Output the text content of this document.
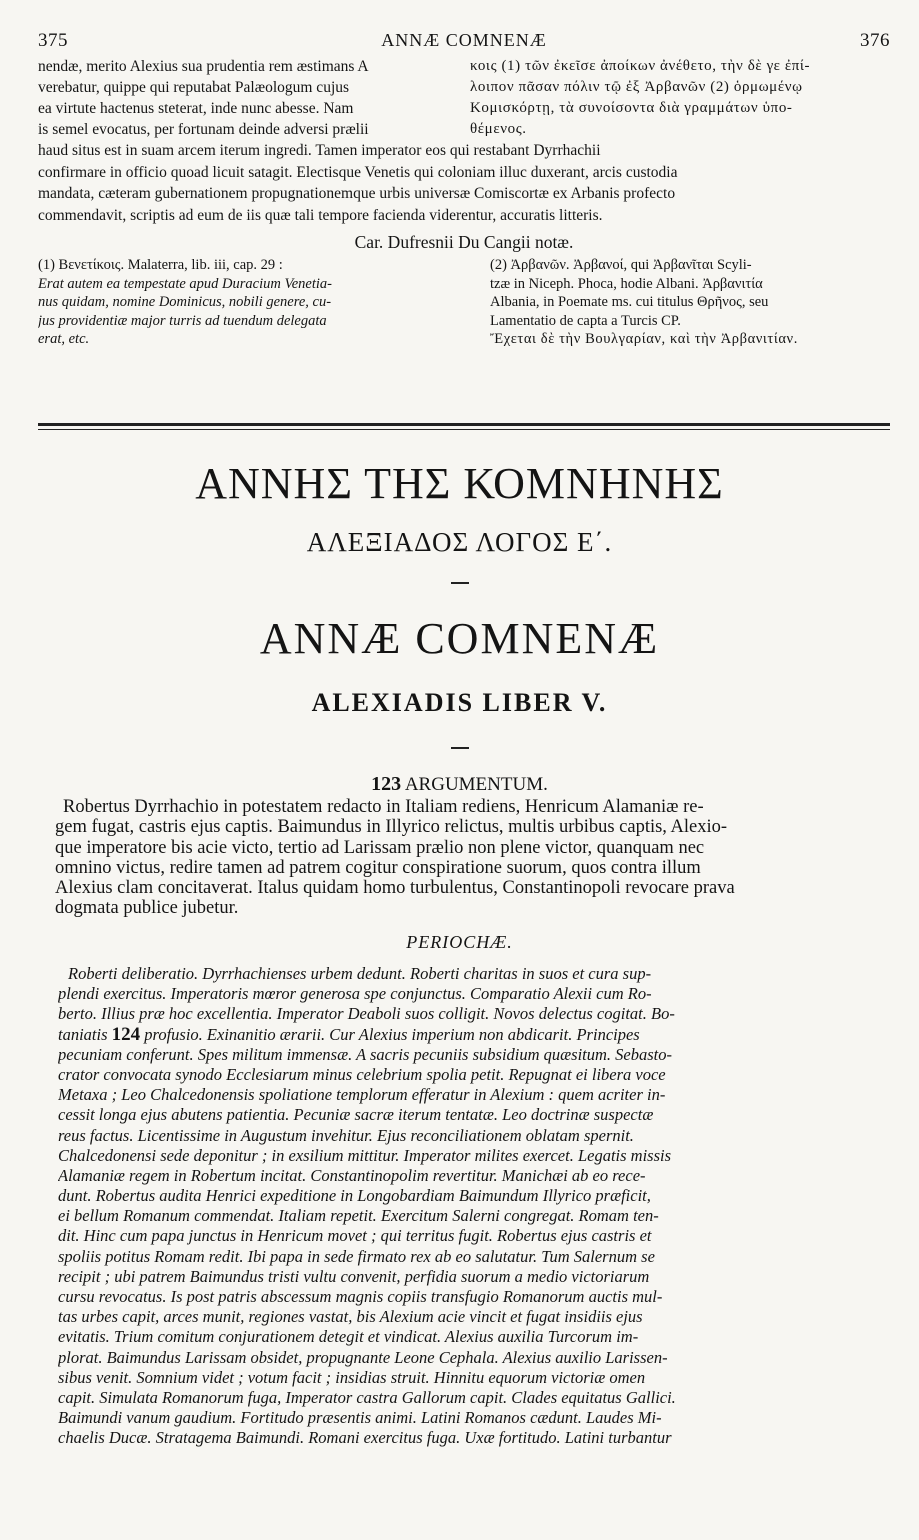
375	ANNÆ COMNENÆ	376
nendæ, merito Alexius sua prudentia rem æstimans A
verebatur, quippe qui reputabat Palæologum cujus
ea virtute hactenus steterat, inde nunc abesse. Nam
is semel evocatus, per fortunam deinde adversi prælii
κοις (1) τῶν ἐκεῖσε ἀποίκων ἀνέθετο, τὴν δὲ γε ἐπί-
λοιπον πᾶσαν πόλιν τῷ ἐξ Ἀρβανῶν (2) ὁρμωμένῳ
Κομισκόρτῃ, τὰ συνοίσοντα διὰ γραμμάτων ὑπο-
θέμενος.
haud situs est in suam arcem iterum ingredi. Tamen imperator eos qui restabant Dyrrhachii
confirmare in officio quoad licuit satagit. Electisque Venetis qui coloniam illuc duxerant, arcis custodia
mandata, cæteram gubernationem propugnationemque urbis universæ Comiscortæ ex Arbanis profecto
commendavit, scriptis ad eum de iis quæ tali tempore facienda viderentur, accuratis litteris.
Car. Dufresnii Du Cangii notæ.
(1) Βενετίκοις. Malaterra, lib. iii, cap. 29 :
Erat autem ea tempestate apud Duracium Venetia-
nus quidam, nomine Dominicus, nobili genere, cu-
jus providentiæ major turris ad tuendum delegata
erat, etc.
(2) Ἀρβανῶν. Ἀρβανοί, qui Ἀρβανῖται Scyli-
tzæ in Niceph. Phoca, hodie Albani. Ἀρβανιτία
Albania, in Poemate ms. cui titulus Θρῆνος, seu
Lamentatio de capta a Turcis CP.
Ἔχεται δὲ τὴν Βουλγαρίαν, καὶ τὴν Ἀρβανιτίαν.
ΑΝΝΗΣ ΤΗΣ ΚΟΜΝΗΝΗΣ
ΑΛΕΞΙΑΔΟΣ ΛΟΓΟΣ Ε΄.
ANNÆ COMNENÆ
ALEXIADIS LIBER V.
123 ARGUMENTUM.
Robertus Dyrrhachio in potestatem redacto in Italiam rediens, Henricum Alamaniæ re-
gem fugat, castris ejus captis. Baimundus in Illyrico relictus, multis urbibus captis, Alexio-
que imperatore bis acie victo, tertio ad Larissam prælio non plene victor, quanquam nec
omnino victus, redire tamen ad patrem cogitur conspiratione suorum, quos contra illum
Alexius clam concitaverat. Italus quidam homo turbulentus, Constantinopoli revocare prava
dogmata publice jubetur.
PERIOCHÆ.
Roberti deliberatio. Dyrrhachienses urbem dedunt. Roberti charitas in suos et cura sup-
plendi exercitus. Imperatoris mœror generosa spe conjunctus. Comparatio Alexii cum Ro-
berto. Illius præ hoc excellentia. Imperator Deaboli suos colligit. Novos delectus cogitat. Bo-
taniatis 124 profusio. Exinanitio ærarii. Cur Alexius imperium non abdicarit. Principes
pecuniam conferunt. Spes militum immensæ. A sacris pecuniis subsidium quæsitum. Sebasto-
crator convocata synodo Ecclesiarum minus celebrium spolia petit. Repugnat ei libera voce
Metaxa ; Leo Chalcedonensis spoliatione templorum efferatur in Alexium : quem acriter in-
cessit longa ejus abutens patientia. Pecuniæ sacræ iterum tentatæ. Leo doctrinæ suspectæ
reus factus. Licentissime in Augustum invehitur. Ejus reconciliationem oblatam spernit.
Chalcedonensi sede deponitur ; in exsilium mittitur. Imperator milites exercet. Legatis missis
Alamaniæ regem in Robertum incitat. Constantinopolim revertitur. Manichæi ab eo rece-
dunt. Robertus audita Henrici expeditione in Longobardiam Baimundum Illyrico præficit,
ei bellum Romanum commendat. Italiam repetit. Exercitum Salerni congregat. Romam ten-
dit. Hinc cum papa junctus in Henricum movet ; qui territus fugit. Robertus ejus castris et
spoliis potitus Romam redit. Ibi papa in sede firmato rex ab eo salutatur. Tum Salernum se
recipit ; ubi patrem Baimundus tristi vultu convenit, perfidia suorum a medio victoriarum
cursu revocatus. Is post patris abscessum magnis copiis transfugio Romanorum auctis mul-
tas urbes capit, arces munit, regiones vastat, bis Alexium acie vincit et fugat insidiis ejus
evitatis. Trium comitum conjurationem detegit et vindicat. Alexius auxilia Turcorum im-
plorat. Baimundus Larissam obsidet, propugnante Leone Cephala. Alexius auxilio Larissen-
sibus venit. Somnium videt ; votum facit ; insidias struit. Hinnitu equorum victoriæ omen
capit. Simulata Romanorum fuga, Imperator castra Gallorum capit. Clades equitatus Gallici.
Baimundi vanum gaudium. Fortitudo præsentis animi. Latini Romanos cædunt. Laudes Mi-
chaelis Ducæ. Stratagema Baimundi. Romani exercitus fuga. Uxæ fortitudo. Latini turbantur
